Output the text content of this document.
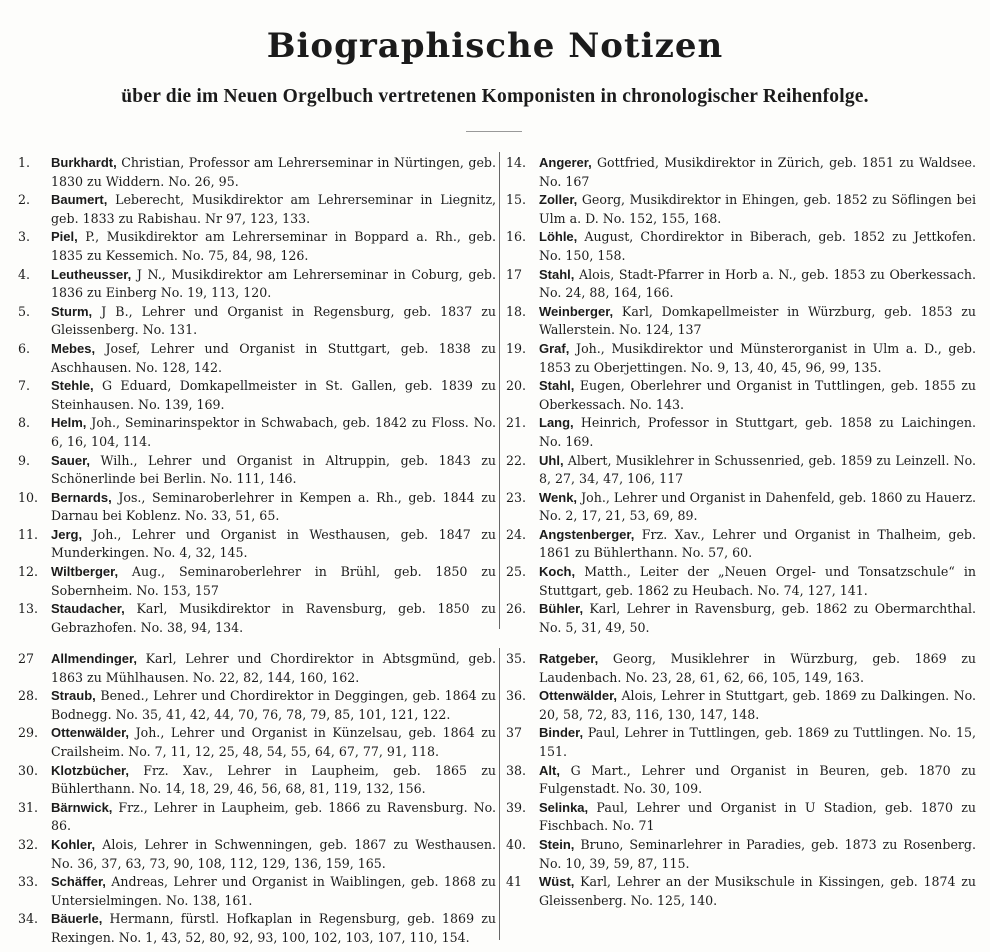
Biographische Notizen
über die im Neuen Orgelbuch vertretenen Komponisten in chronologischer Reihenfolge.

1.	Burkhardt, Christian, Professor am Lehrerseminar in Nürtingen, geb. 1830 zu Widdern. No. 26, 95.

2.	Baumert, Leberecht, Musikdirektor am Lehrerseminar in Liegnitz, geb. 1833 zu Rabishau. Nr 97, 123, 133.

3.	Piel, P., Musikdirektor am Lehrerseminar in Boppard a. Rh., geb. 1835 zu Kessemich. No. 75, 84, 98, 126.

4.	Leutheusser, J N., Musikdirektor am Lehrerseminar in Coburg, geb. 1836 zu Einberg No. 19, 113, 120.

5.	Sturm, J B., Lehrer und Organist in Regensburg, geb. 1837 zu Gleissenberg. No. 131.

6.	Mebes, Josef, Lehrer und Organist in Stuttgart, geb. 1838 zu Aschhausen. No. 128, 142.

7.	Stehle, G Eduard, Domkapellmeister in St. Gallen, geb. 1839 zu Steinhausen. No. 139, 169.

8.	Helm, Joh., Seminarinspektor in Schwabach, geb. 1842 zu Floss. No. 6, 16, 104, 114.

9.	Sauer, Wilh., Lehrer und Organist in Altruppin, geb. 1843 zu Schönerlinde bei Berlin. No. 111, 146.

10. Bernards, Jos., Seminaroberlehrer in Kempen a. Rh., geb. 1844 zu Darnau bei Koblenz. No. 33, 51, 65.

11. Jerg, Joh., Lehrer und Organist in Westhausen, geb. 1847 zu Munderkingen. No. 4, 32, 145.

12. Wiltberger, Aug., Seminaroberlehrer in Brühl, geb. 1850 zu Sobernheim. No. 153, 157

13. Staudacher, Karl, Musikdirektor in Ravensburg, geb. 1850 zu Gebrazhofen. No. 38, 94, 134.

14. Angerer, Gottfried, Musikdirektor in Zürich, geb. 1851 zu Waldsee. No. 167

15. Zoller, Georg, Musikdirektor in Ehingen, geb. 1852 zu Söflingen bei Ulm a. D. No. 152, 155, 168.

16. Löhle, August, Chordirektor in Biberach, geb. 1852 zu Jettkofen. No. 150, 158.

17	Stahl, Alois, Stadt-Pfarrer in Horb a. N., geb. 1853 zu Oberkessach. No. 24, 88, 164, 166.

18. Weinberger, Karl, Domkapellmeister in Würzburg, geb. 1853 zu Wallerstein. No. 124, 137

19. Graf, Joh., Musikdirektor und Münsterorganist in Ulm a. D., geb. 1853 zu Oberjettingen. No. 9, 13, 40, 45, 96, 99, 135.

20. Stahl, Eugen, Oberlehrer und Organist in Tuttlingen, geb. 1855 zu Oberkessach. No. 143.

21. Lang, Heinrich, Professor in Stuttgart, geb. 1858 zu Laichingen. No. 169.

22. Uhl, Albert, Musiklehrer in Schussenried, geb. 1859 zu Leinzell. No. 8, 27, 34, 47, 106, 117

23. Wenk, Joh., Lehrer und Organist in Dahenfeld, geb. 1860 zu Hauerz. No. 2, 17, 21, 53, 69, 89.

24. Angstenberger, Frz. Xav., Lehrer und Organist in Thalheim, geb. 1861 zu Bühlerthann. No. 57, 60.

25. Koch, Matth., Leiter der „Neuen Orgel- und Tonsatzschule“ in Stuttgart, geb. 1862 zu Heubach. No. 74, 127, 141.

26. Bühler, Karl, Lehrer in Ravensburg, geb. 1862 zu Obermarchthal. No. 5, 31, 49, 50.

27	Allmendinger, Karl, Lehrer und Chordirektor in Abtsgmünd, geb. 1863 zu Mühlhausen. No. 22, 82, 144, 160, 162.

28. Straub, Bened., Lehrer und Chordirektor in Deggingen, geb. 1864 zu Bodnegg. No. 35, 41, 42, 44, 70, 76, 78, 79, 85, 101, 121, 122.

29. Ottenwälder, Joh., Lehrer und Organist in Künzelsau, geb. 1864 zu Crailsheim. No. 7, 11, 12, 25, 48, 54, 55, 64, 67, 77, 91, 118.

30. Klotzbücher, Frz. Xav., Lehrer in Laupheim, geb. 1865 zu Bühlerthann. No. 14, 18, 29, 46, 56, 68, 81, 119, 132, 156.

31. Bärnwick, Frz., Lehrer in Laupheim, geb. 1866 zu Ravensburg. No. 86.

32. Kohler, Alois, Lehrer in Schwenningen, geb. 1867 zu Westhausen. No. 36, 37, 63, 73, 90, 108, 112, 129, 136, 159, 165.

33. Schäffer, Andreas, Lehrer und Organist in Waiblingen, geb. 1868 zu Untersielmingen. No. 138, 161.

34. Bäuerle, Hermann, fürstl. Hofkaplan in Regensburg, geb. 1869 zu Rexingen. No. 1, 43, 52, 80, 92, 93, 100, 102, 103, 107, 110, 154.

35. Ratgeber, Georg, Musiklehrer in Würzburg, geb. 1869 zu Laudenbach. No. 23, 28, 61, 62, 66, 105, 149, 163.

36. Ottenwälder, Alois, Lehrer in Stuttgart, geb. 1869 zu Dalkingen. No. 20, 58, 72, 83, 116, 130, 147, 148.

37	Binder, Paul, Lehrer in Tuttlingen, geb. 1869 zu Tuttlingen. No. 15, 151.

38. Alt, G Mart., Lehrer und Organist in Beuren, geb. 1870 zu Fulgenstadt. No. 30, 109.

39. Selinka, Paul, Lehrer und Organist in U Stadion, geb. 1870 zu Fischbach. No. 71

40. Stein, Bruno, Seminarlehrer in Paradies, geb. 1873 zu Rosenberg. No. 10, 39, 59, 87, 115.

41	Wüst, Karl, Lehrer an der Musikschule in Kissingen, geb. 1874 zu Gleissenberg. No. 125, 140.
